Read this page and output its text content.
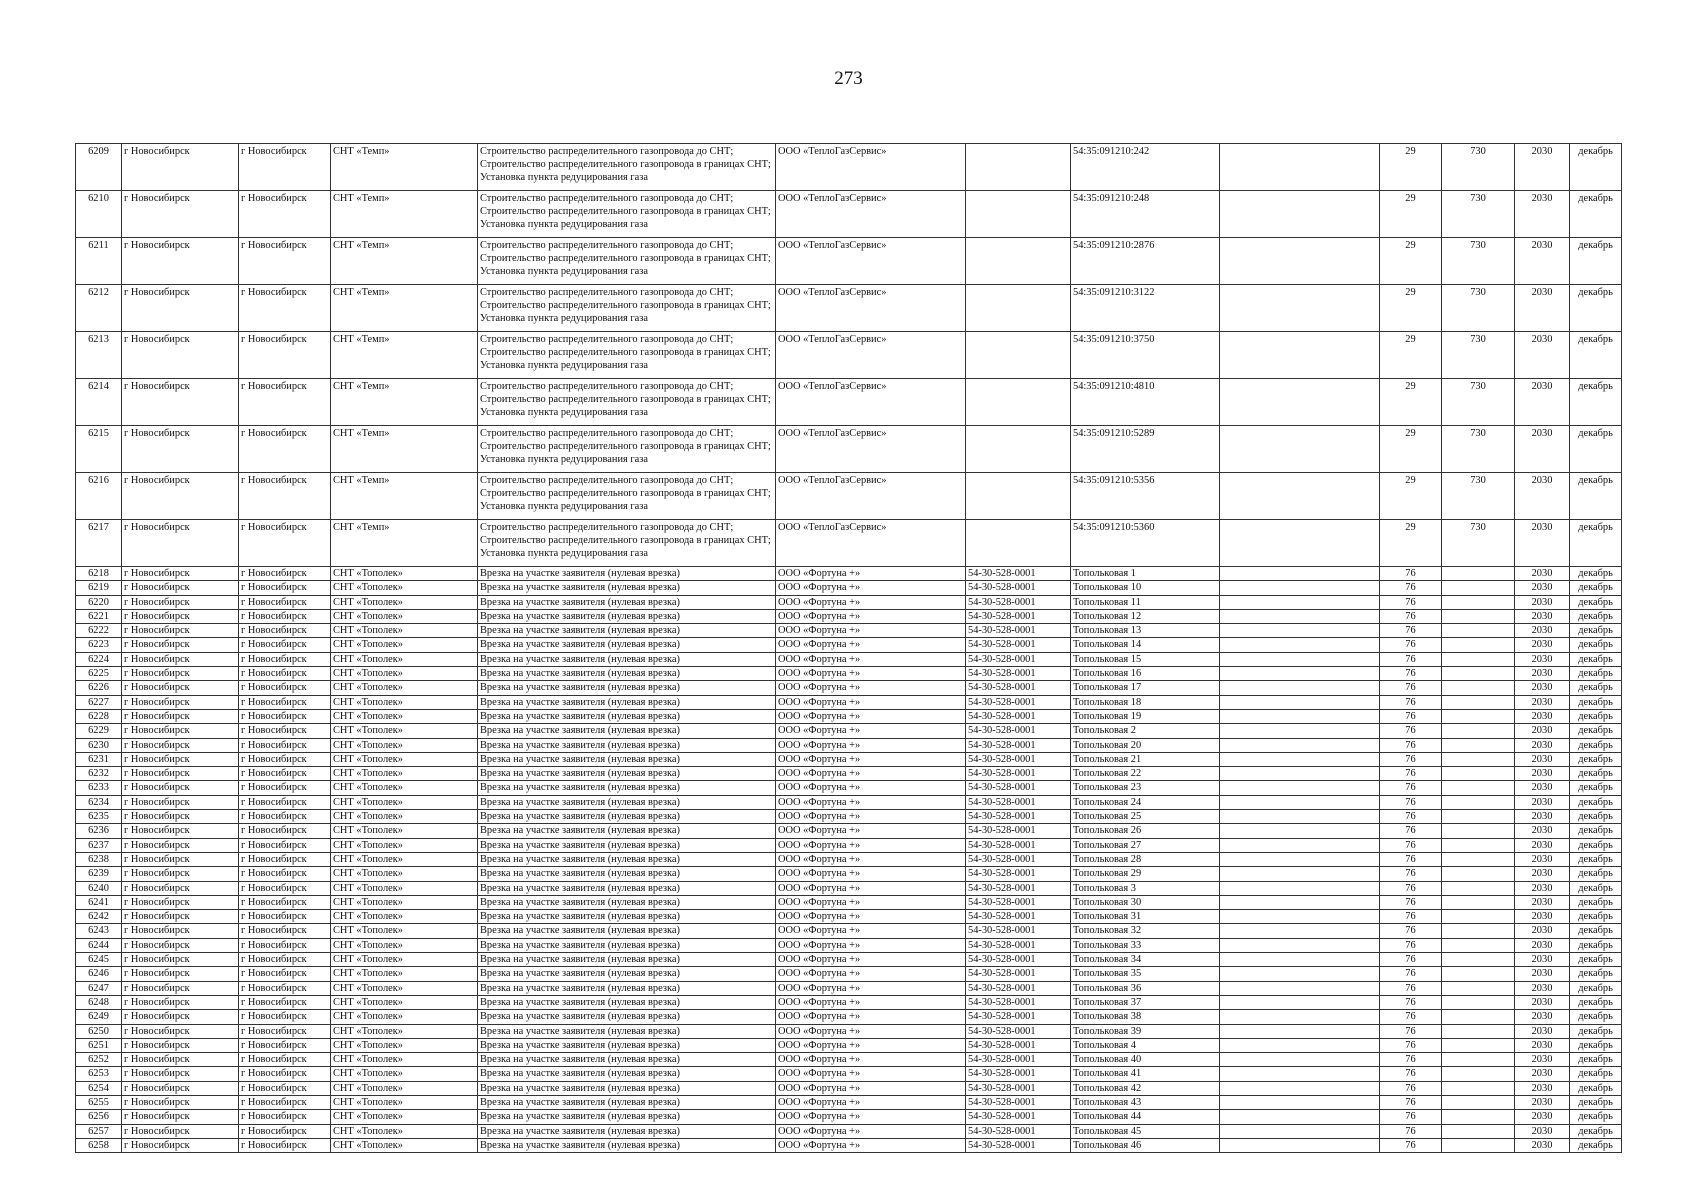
273
6209	г Новосибирск	г Новосибирск	СНТ «Темп»	Строительство распределительного газопровода до СНТ; Строительство распределительного газопровода в границах СНТ; Установка пункта редуцирования газа	ООО «ТеплоГазСервис»		54:35:091210:242		29	730	2030	декабрь
6210	г Новосибирск	г Новосибирск	СНТ «Темп»	Строительство распределительного газопровода до СНТ; Строительство распределительного газопровода в границах СНТ; Установка пункта редуцирования газа	ООО «ТеплоГазСервис»		54:35:091210:248		29	730	2030	декабрь
6211	г Новосибирск	г Новосибирск	СНТ «Темп»	Строительство распределительного газопровода до СНТ; Строительство распределительного газопровода в границах СНТ; Установка пункта редуцирования газа	ООО «ТеплоГазСервис»		54:35:091210:2876		29	730	2030	декабрь
6212	г Новосибирск	г Новосибирск	СНТ «Темп»	Строительство распределительного газопровода до СНТ; Строительство распределительного газопровода в границах СНТ; Установка пункта редуцирования газа	ООО «ТеплоГазСервис»		54:35:091210:3122		29	730	2030	декабрь
6213	г Новосибирск	г Новосибирск	СНТ «Темп»	Строительство распределительного газопровода до СНТ; Строительство распределительного газопровода в границах СНТ; Установка пункта редуцирования газа	ООО «ТеплоГазСервис»		54:35:091210:3750		29	730	2030	декабрь
6214	г Новосибирск	г Новосибирск	СНТ «Темп»	Строительство распределительного газопровода до СНТ; Строительство распределительного газопровода в границах СНТ; Установка пункта редуцирования газа	ООО «ТеплоГазСервис»		54:35:091210:4810		29	730	2030	декабрь
6215	г Новосибирск	г Новосибирск	СНТ «Темп»	Строительство распределительного газопровода до СНТ; Строительство распределительного газопровода в границах СНТ; Установка пункта редуцирования газа	ООО «ТеплоГазСервис»		54:35:091210:5289		29	730	2030	декабрь
6216	г Новосибирск	г Новосибирск	СНТ «Темп»	Строительство распределительного газопровода до СНТ; Строительство распределительного газопровода в границах СНТ; Установка пункта редуцирования газа	ООО «ТеплоГазСервис»		54:35:091210:5356		29	730	2030	декабрь
6217	г Новосибирск	г Новосибирск	СНТ «Темп»	Строительство распределительного газопровода до СНТ; Строительство распределительного газопровода в границах СНТ; Установка пункта редуцирования газа	ООО «ТеплоГазСервис»		54:35:091210:5360		29	730	2030	декабрь
6218	г Новосибирск	г Новосибирск	СНТ «Тополек»	Врезка на участке заявителя (нулевая врезка)	ООО «Фортуна +»	54-30-528-0001	Топольковая 1		76		2030	декабрь
6219	г Новосибирск	г Новосибирск	СНТ «Тополек»	Врезка на участке заявителя (нулевая врезка)	ООО «Фортуна +»	54-30-528-0001	Топольковая 10		76		2030	декабрь
6220	г Новосибирск	г Новосибирск	СНТ «Тополек»	Врезка на участке заявителя (нулевая врезка)	ООО «Фортуна +»	54-30-528-0001	Топольковая 11		76		2030	декабрь
6221	г Новосибирск	г Новосибирск	СНТ «Тополек»	Врезка на участке заявителя (нулевая врезка)	ООО «Фортуна +»	54-30-528-0001	Топольковая 12		76		2030	декабрь
6222	г Новосибирск	г Новосибирск	СНТ «Тополек»	Врезка на участке заявителя (нулевая врезка)	ООО «Фортуна +»	54-30-528-0001	Топольковая 13		76		2030	декабрь
6223	г Новосибирск	г Новосибирск	СНТ «Тополек»	Врезка на участке заявителя (нулевая врезка)	ООО «Фортуна +»	54-30-528-0001	Топольковая 14		76		2030	декабрь
6224	г Новосибирск	г Новосибирск	СНТ «Тополек»	Врезка на участке заявителя (нулевая врезка)	ООО «Фортуна +»	54-30-528-0001	Топольковая 15		76		2030	декабрь
6225	г Новосибирск	г Новосибирск	СНТ «Тополек»	Врезка на участке заявителя (нулевая врезка)	ООО «Фортуна +»	54-30-528-0001	Топольковая 16		76		2030	декабрь
6226	г Новосибирск	г Новосибирск	СНТ «Тополек»	Врезка на участке заявителя (нулевая врезка)	ООО «Фортуна +»	54-30-528-0001	Топольковая 17		76		2030	декабрь
6227	г Новосибирск	г Новосибирск	СНТ «Тополек»	Врезка на участке заявителя (нулевая врезка)	ООО «Фортуна +»	54-30-528-0001	Топольковая 18		76		2030	декабрь
6228	г Новосибирск	г Новосибирск	СНТ «Тополек»	Врезка на участке заявителя (нулевая врезка)	ООО «Фортуна +»	54-30-528-0001	Топольковая 19		76		2030	декабрь
6229	г Новосибирск	г Новосибирск	СНТ «Тополек»	Врезка на участке заявителя (нулевая врезка)	ООО «Фортуна +»	54-30-528-0001	Топольковая 2		76		2030	декабрь
6230	г Новосибирск	г Новосибирск	СНТ «Тополек»	Врезка на участке заявителя (нулевая врезка)	ООО «Фортуна +»	54-30-528-0001	Топольковая 20		76		2030	декабрь
6231	г Новосибирск	г Новосибирск	СНТ «Тополек»	Врезка на участке заявителя (нулевая врезка)	ООО «Фортуна +»	54-30-528-0001	Топольковая 21		76		2030	декабрь
6232	г Новосибирск	г Новосибирск	СНТ «Тополек»	Врезка на участке заявителя (нулевая врезка)	ООО «Фортуна +»	54-30-528-0001	Топольковая 22		76		2030	декабрь
6233	г Новосибирск	г Новосибирск	СНТ «Тополек»	Врезка на участке заявителя (нулевая врезка)	ООО «Фортуна +»	54-30-528-0001	Топольковая 23		76		2030	декабрь
6234	г Новосибирск	г Новосибирск	СНТ «Тополек»	Врезка на участке заявителя (нулевая врезка)	ООО «Фортуна +»	54-30-528-0001	Топольковая 24		76		2030	декабрь
6235	г Новосибирск	г Новосибирск	СНТ «Тополек»	Врезка на участке заявителя (нулевая врезка)	ООО «Фортуна +»	54-30-528-0001	Топольковая 25		76		2030	декабрь
6236	г Новосибирск	г Новосибирск	СНТ «Тополек»	Врезка на участке заявителя (нулевая врезка)	ООО «Фортуна +»	54-30-528-0001	Топольковая 26		76		2030	декабрь
6237	г Новосибирск	г Новосибирск	СНТ «Тополек»	Врезка на участке заявителя (нулевая врезка)	ООО «Фортуна +»	54-30-528-0001	Топольковая 27		76		2030	декабрь
6238	г Новосибирск	г Новосибирск	СНТ «Тополек»	Врезка на участке заявителя (нулевая врезка)	ООО «Фортуна +»	54-30-528-0001	Топольковая 28		76		2030	декабрь
6239	г Новосибирск	г Новосибирск	СНТ «Тополек»	Врезка на участке заявителя (нулевая врезка)	ООО «Фортуна +»	54-30-528-0001	Топольковая 29		76		2030	декабрь
6240	г Новосибирск	г Новосибирск	СНТ «Тополек»	Врезка на участке заявителя (нулевая врезка)	ООО «Фортуна +»	54-30-528-0001	Топольковая 3		76		2030	декабрь
6241	г Новосибирск	г Новосибирск	СНТ «Тополек»	Врезка на участке заявителя (нулевая врезка)	ООО «Фортуна +»	54-30-528-0001	Топольковая 30		76		2030	декабрь
6242	г Новосибирск	г Новосибирск	СНТ «Тополек»	Врезка на участке заявителя (нулевая врезка)	ООО «Фортуна +»	54-30-528-0001	Топольковая 31		76		2030	декабрь
6243	г Новосибирск	г Новосибирск	СНТ «Тополек»	Врезка на участке заявителя (нулевая врезка)	ООО «Фортуна +»	54-30-528-0001	Топольковая 32		76		2030	декабрь
6244	г Новосибирск	г Новосибирск	СНТ «Тополек»	Врезка на участке заявителя (нулевая врезка)	ООО «Фортуна +»	54-30-528-0001	Топольковая 33		76		2030	декабрь
6245	г Новосибирск	г Новосибирск	СНТ «Тополек»	Врезка на участке заявителя (нулевая врезка)	ООО «Фортуна +»	54-30-528-0001	Топольковая 34		76		2030	декабрь
6246	г Новосибирск	г Новосибирск	СНТ «Тополек»	Врезка на участке заявителя (нулевая врезка)	ООО «Фортуна +»	54-30-528-0001	Топольковая 35		76		2030	декабрь
6247	г Новосибирск	г Новосибирск	СНТ «Тополек»	Врезка на участке заявителя (нулевая врезка)	ООО «Фортуна +»	54-30-528-0001	Топольковая 36		76		2030	декабрь
6248	г Новосибирск	г Новосибирск	СНТ «Тополек»	Врезка на участке заявителя (нулевая врезка)	ООО «Фортуна +»	54-30-528-0001	Топольковая 37		76		2030	декабрь
6249	г Новосибирск	г Новосибирск	СНТ «Тополек»	Врезка на участке заявителя (нулевая врезка)	ООО «Фортуна +»	54-30-528-0001	Топольковая 38		76		2030	декабрь
6250	г Новосибирск	г Новосибирск	СНТ «Тополек»	Врезка на участке заявителя (нулевая врезка)	ООО «Фортуна +»	54-30-528-0001	Топольковая 39		76		2030	декабрь
6251	г Новосибирск	г Новосибирск	СНТ «Тополек»	Врезка на участке заявителя (нулевая врезка)	ООО «Фортуна +»	54-30-528-0001	Топольковая 4		76		2030	декабрь
6252	г Новосибирск	г Новосибирск	СНТ «Тополек»	Врезка на участке заявителя (нулевая врезка)	ООО «Фортуна +»	54-30-528-0001	Топольковая 40		76		2030	декабрь
6253	г Новосибирск	г Новосибирск	СНТ «Тополек»	Врезка на участке заявителя (нулевая врезка)	ООО «Фортуна +»	54-30-528-0001	Топольковая 41		76		2030	декабрь
6254	г Новосибирск	г Новосибирск	СНТ «Тополек»	Врезка на участке заявителя (нулевая врезка)	ООО «Фортуна +»	54-30-528-0001	Топольковая 42		76		2030	декабрь
6255	г Новосибирск	г Новосибирск	СНТ «Тополек»	Врезка на участке заявителя (нулевая врезка)	ООО «Фортуна +»	54-30-528-0001	Топольковая 43		76		2030	декабрь
6256	г Новосибирск	г Новосибирск	СНТ «Тополек»	Врезка на участке заявителя (нулевая врезка)	ООО «Фортуна +»	54-30-528-0001	Топольковая 44		76		2030	декабрь
6257	г Новосибирск	г Новосибирск	СНТ «Тополек»	Врезка на участке заявителя (нулевая врезка)	ООО «Фортуна +»	54-30-528-0001	Топольковая 45		76		2030	декабрь
6258	г Новосибирск	г Новосибирск	СНТ «Тополек»	Врезка на участке заявителя (нулевая врезка)	ООО «Фортуна +»	54-30-528-0001	Топольковая 46		76		2030	декабрь
